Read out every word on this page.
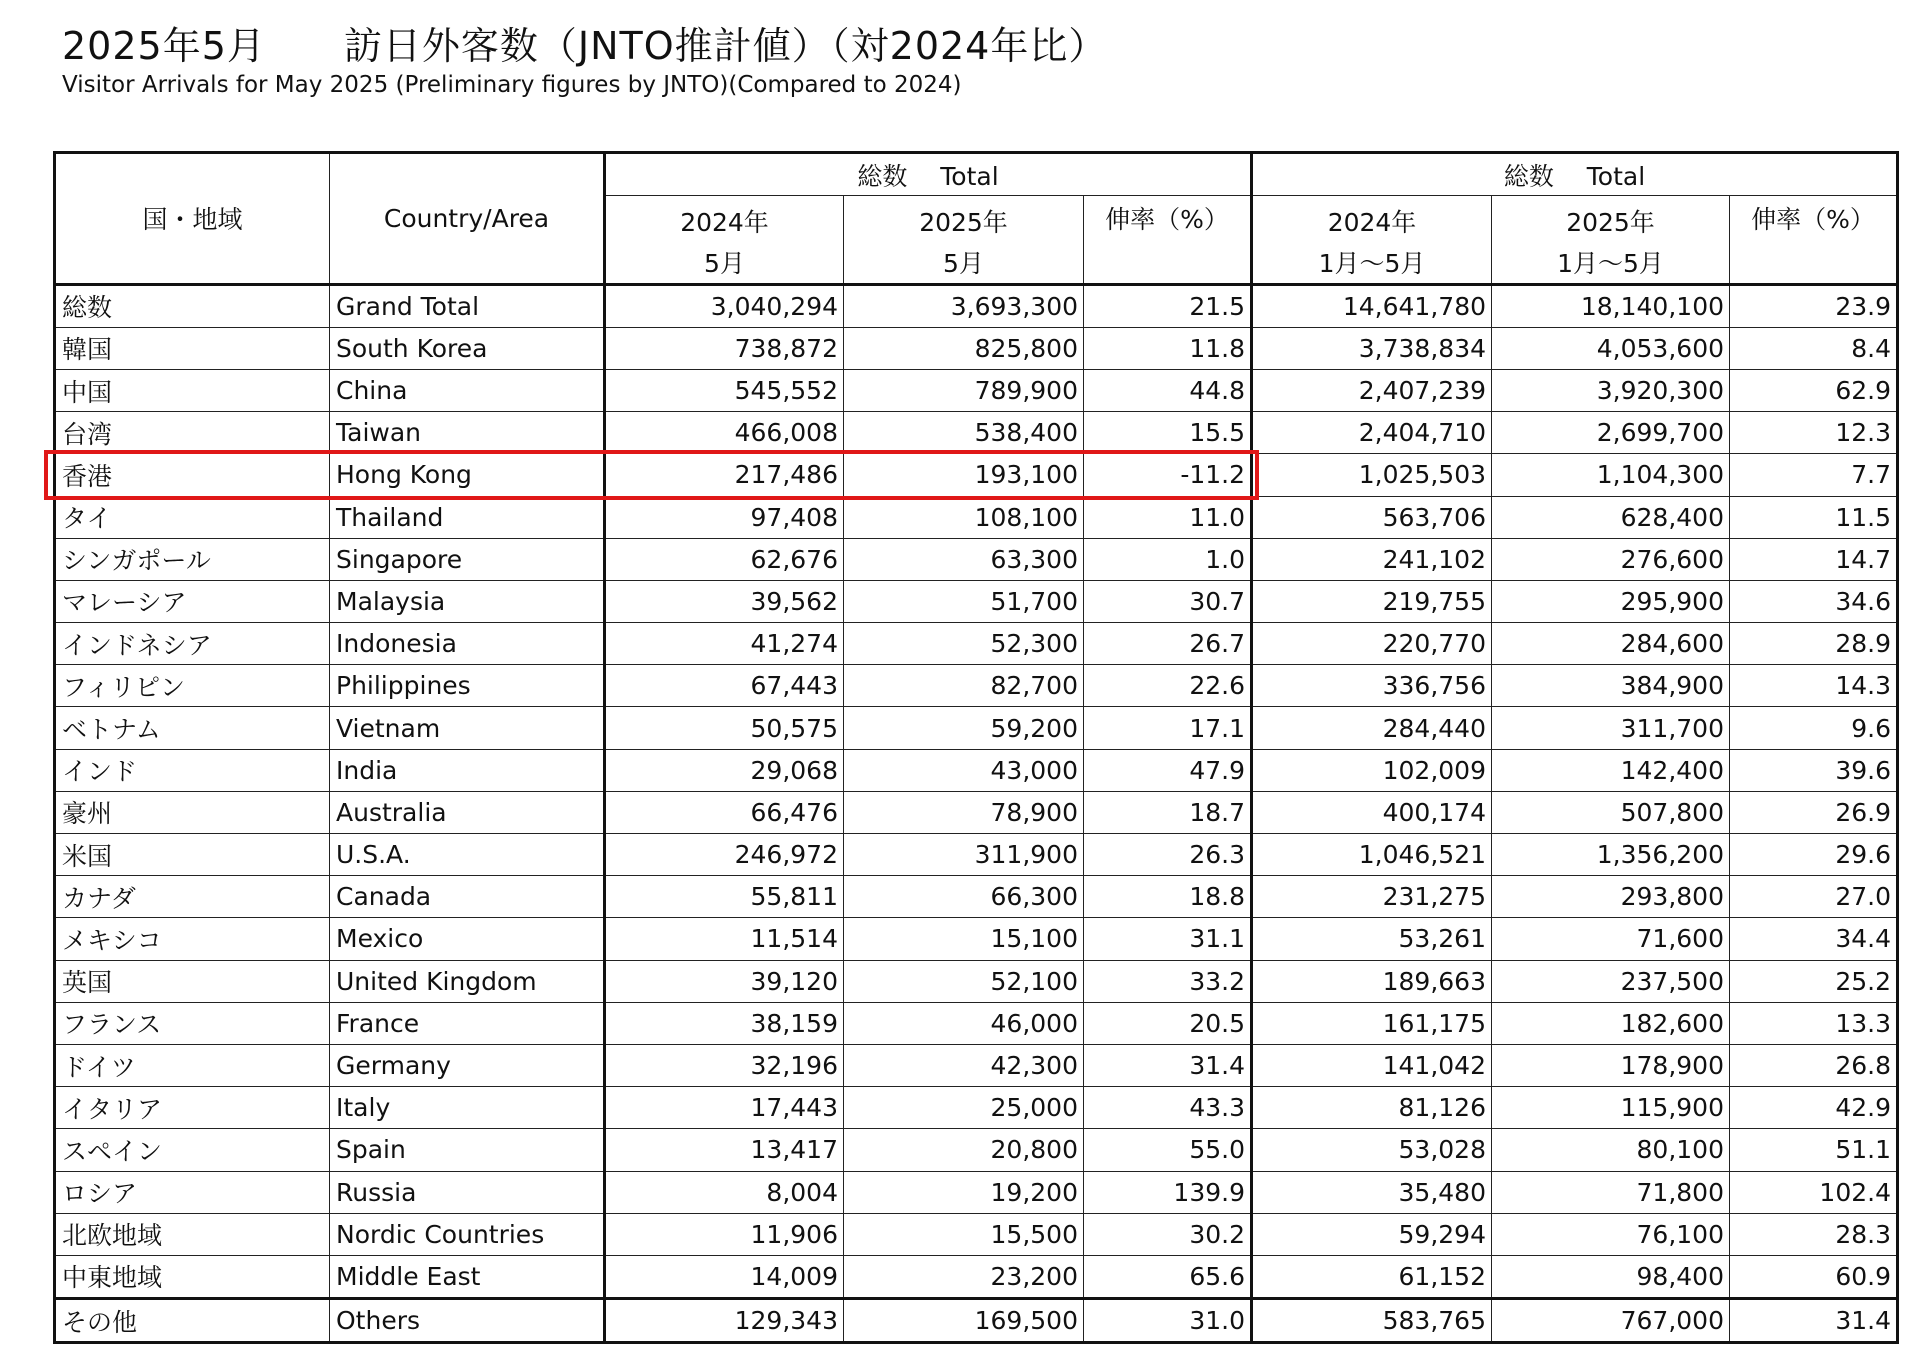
2025年5月　　訪日外客数（JNTO推計値）（対2024年比）
Visitor Arrivals for May 2025 (Preliminary figures by JNTO)(Compared to 2024)
国・地域	Country/Area	総数　 Total			総数　 Total		
		2024年	2025年	伸率（%）	2024年	2025年	伸率（%）
		5月	5月		1月～5月	1月～5月	
総数	Grand Total	3,040,294	3,693,300	21.5	14,641,780	18,140,100	23.9
韓国	South Korea	738,872	825,800	11.8	3,738,834	4,053,600	8.4
中国	China	545,552	789,900	44.8	2,407,239	3,920,300	62.9
台湾	Taiwan	466,008	538,400	15.5	2,404,710	2,699,700	12.3
香港	Hong Kong	217,486	193,100	-11.2	1,025,503	1,104,300	7.7
タイ	Thailand	97,408	108,100	11.0	563,706	628,400	11.5
シンガポール	Singapore	62,676	63,300	1.0	241,102	276,600	14.7
マレーシア	Malaysia	39,562	51,700	30.7	219,755	295,900	34.6
インドネシア	Indonesia	41,274	52,300	26.7	220,770	284,600	28.9
フィリピン	Philippines	67,443	82,700	22.6	336,756	384,900	14.3
ベトナム	Vietnam	50,575	59,200	17.1	284,440	311,700	9.6
インド	India	29,068	43,000	47.9	102,009	142,400	39.6
豪州	Australia	66,476	78,900	18.7	400,174	507,800	26.9
米国	U.S.A.	246,972	311,900	26.3	1,046,521	1,356,200	29.6
カナダ	Canada	55,811	66,300	18.8	231,275	293,800	27.0
メキシコ	Mexico	11,514	15,100	31.1	53,261	71,600	34.4
英国	United Kingdom	39,120	52,100	33.2	189,663	237,500	25.2
フランス	France	38,159	46,000	20.5	161,175	182,600	13.3
ドイツ	Germany	32,196	42,300	31.4	141,042	178,900	26.8
イタリア	Italy	17,443	25,000	43.3	81,126	115,900	42.9
スペイン	Spain	13,417	20,800	55.0	53,028	80,100	51.1
ロシア	Russia	8,004	19,200	139.9	35,480	71,800	102.4
北欧地域	Nordic Countries	11,906	15,500	30.2	59,294	76,100	28.3
中東地域	Middle East	14,009	23,200	65.6	61,152	98,400	60.9
その他	Others	129,343	169,500	31.0	583,765	767,000	31.4
